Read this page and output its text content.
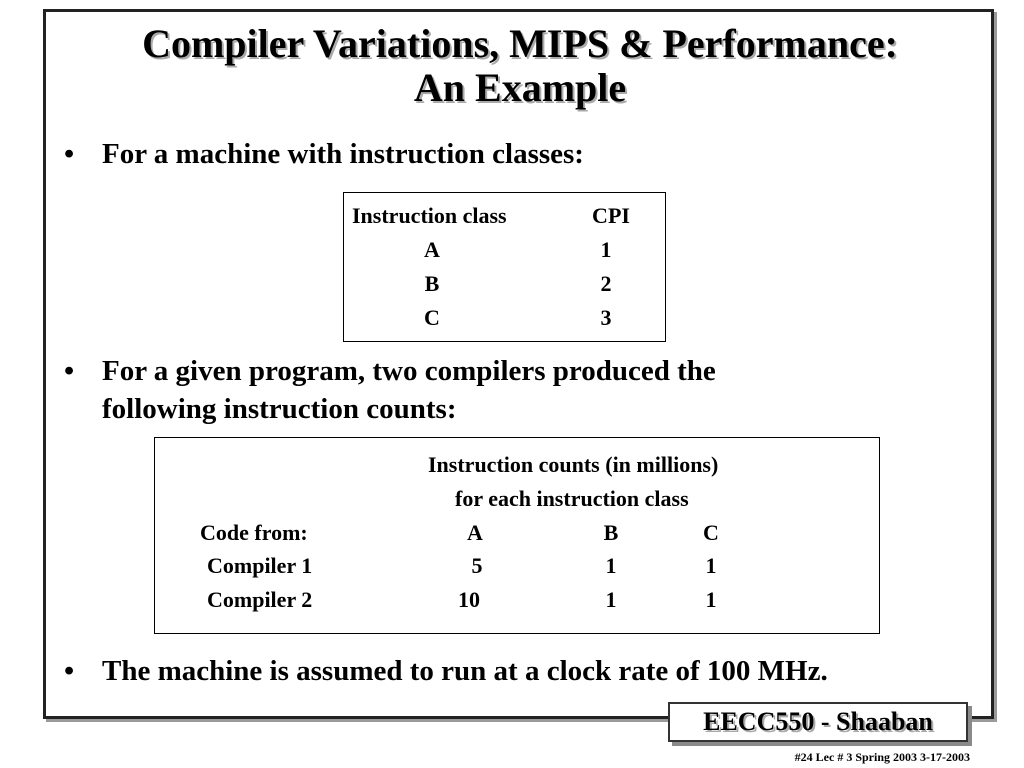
Compiler Variations, MIPS & Performance:
An Example
• For a machine with instruction classes:
Instruction class	CPI
A	1
B	2
C	3
• For a given program, two compilers produced the
following instruction counts:
Instruction counts (in millions)
for each instruction class
Code from:	A	B	C
Compiler 1	5	1	1
Compiler 2	10	1	1
• The machine is assumed to run at a clock rate of 100 MHz.
EECC550 - Shaaban
#24 Lec # 3 Spring 2003 3-17-2003
